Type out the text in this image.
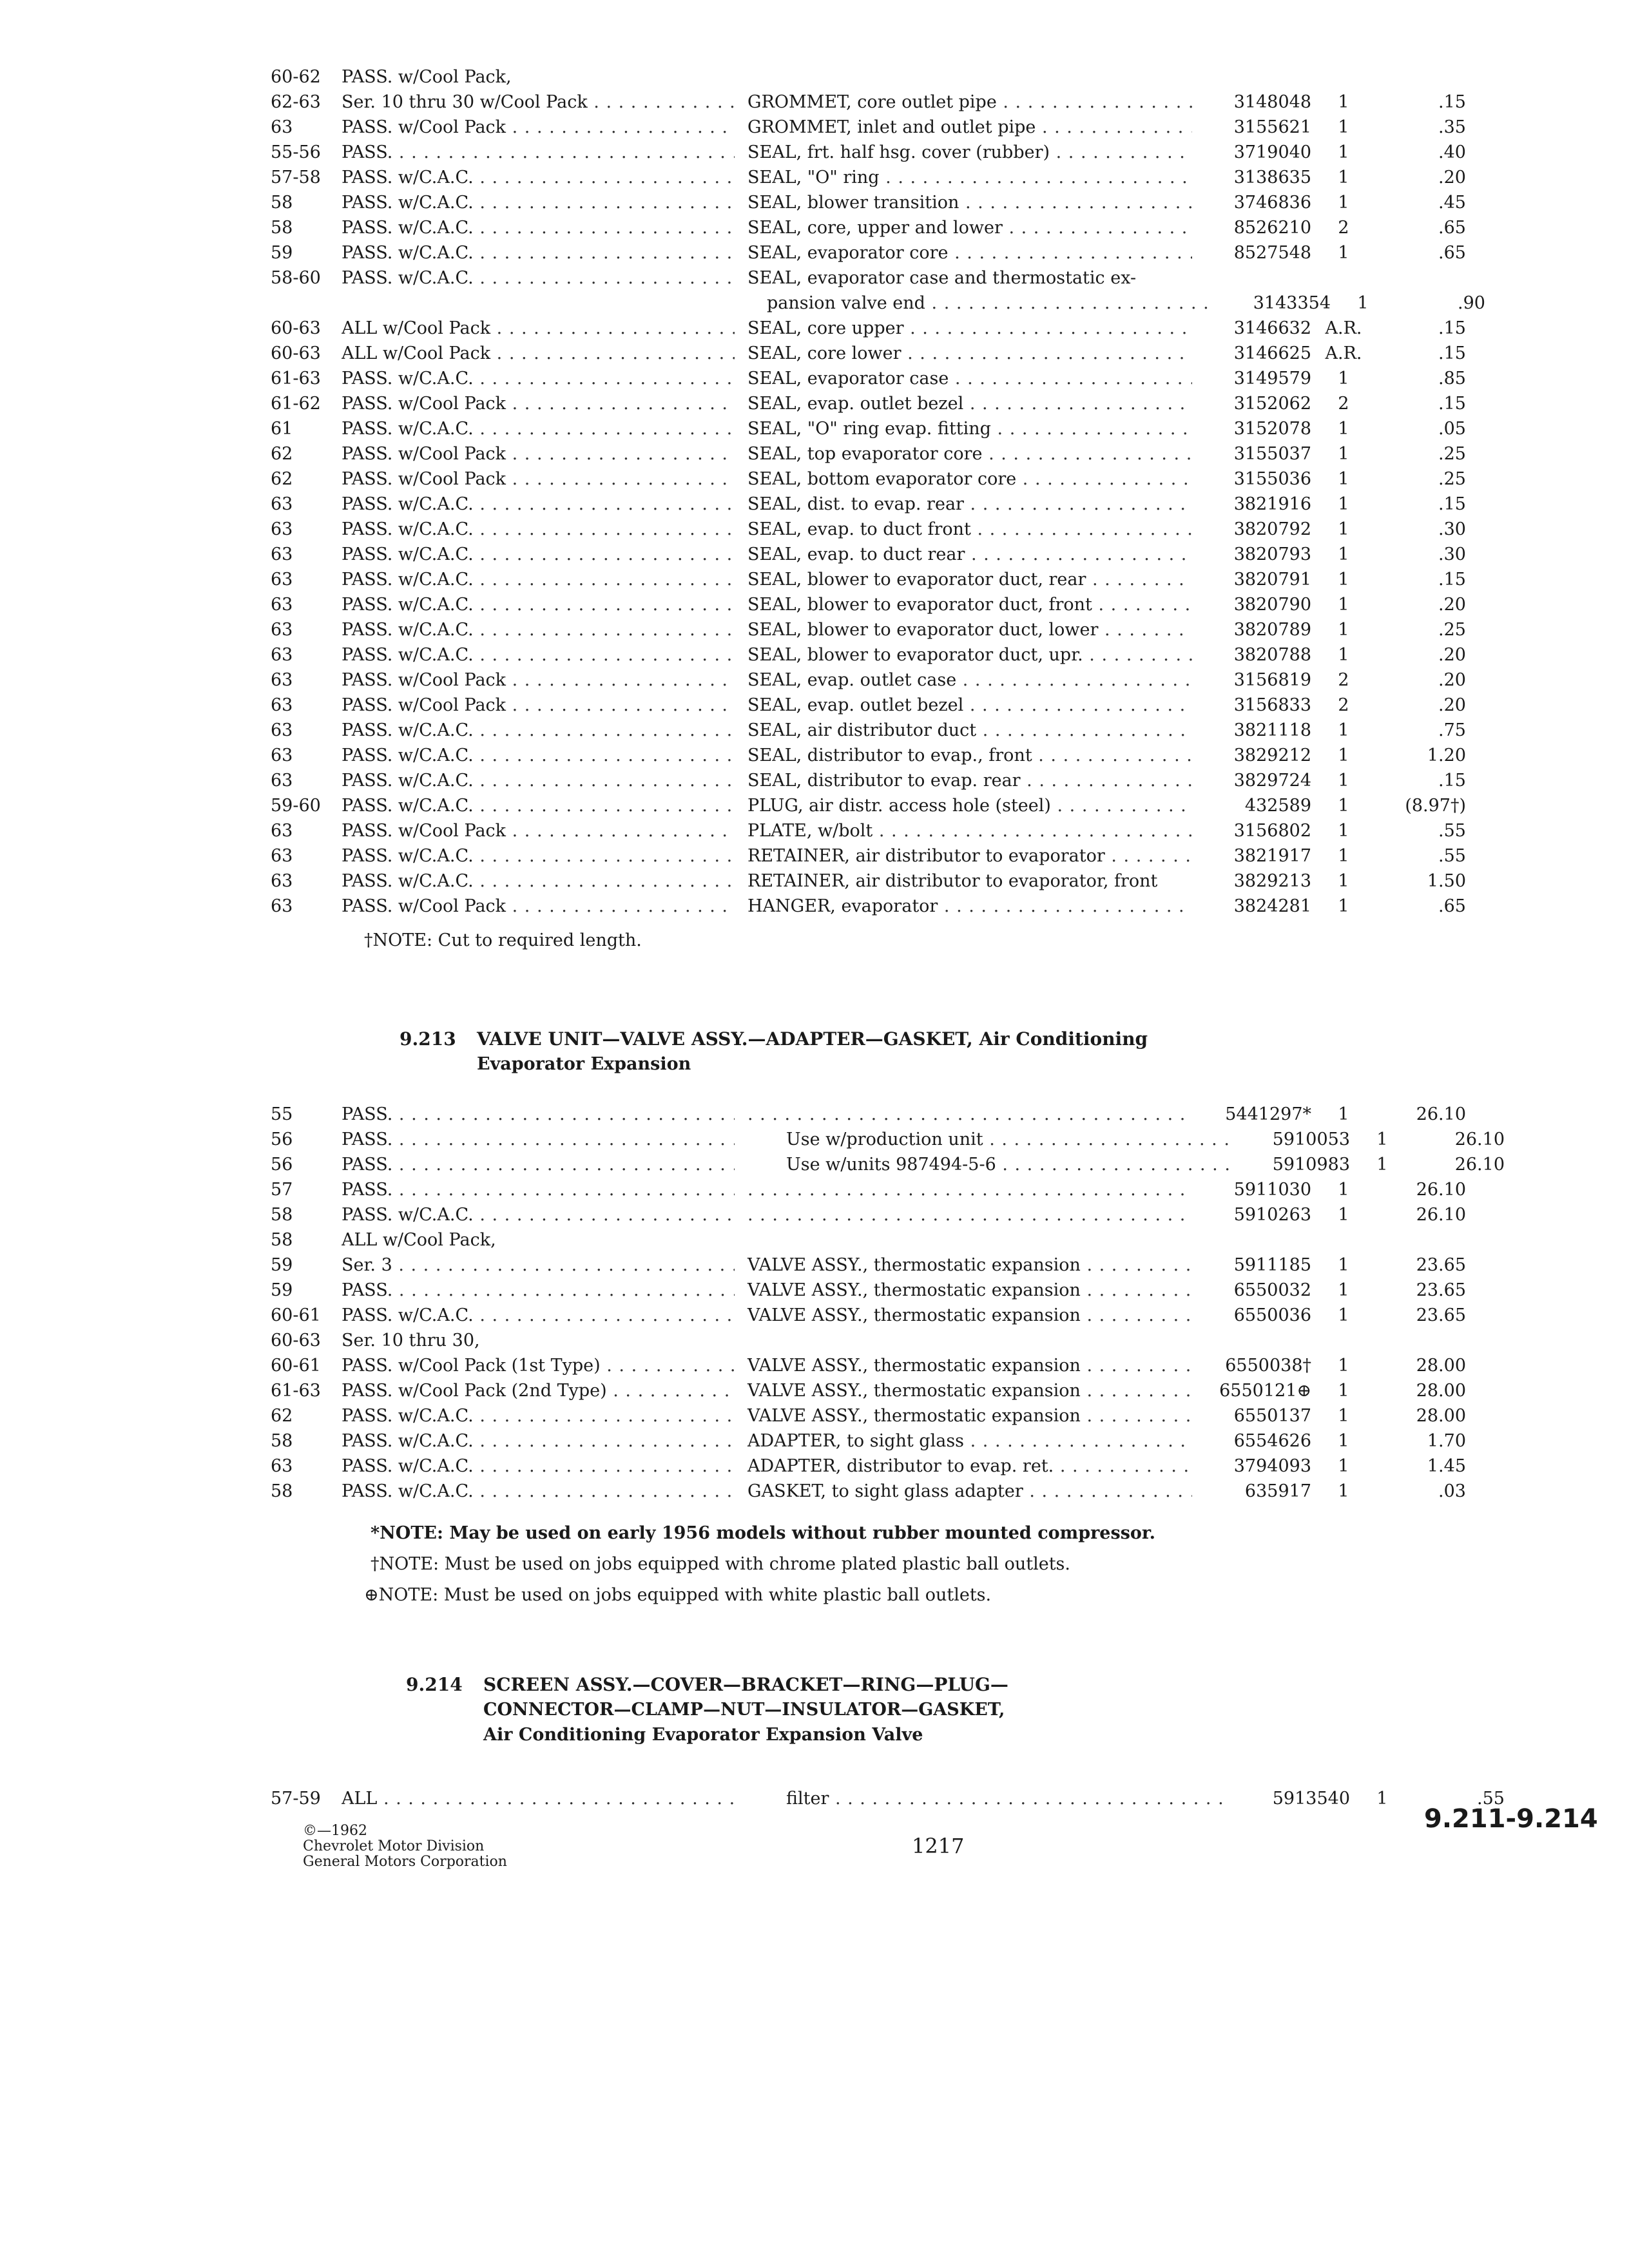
60-62	PASS. w/Cool Pack,
62-63	Ser. 10 thru 30 w/Cool Pack . . .	GROMMET, core outlet pipe . . .	3148048	1	.15
63	PASS. w/Cool Pack . . .	GROMMET, inlet and outlet pipe . . .	3155621	1	.35
55-56	PASS. . . .	SEAL, frt. half hsg. cover (rubber) . . .	3719040	1	.40
57-58	PASS. w/C.A.C. . . .	SEAL, "O" ring . . .	3138635	1	.20
58	PASS. w/C.A.C. . . .	SEAL, blower transition . . .	3746836	1	.45
58	PASS. w/C.A.C. . . .	SEAL, core, upper and lower . . .	8526210	2	.65
59	PASS. w/C.A.C. . . .	SEAL, evaporator core . . .	8527548	1	.65
58-60	PASS. w/C.A.C. . . .	SEAL, evaporator case and thermostatic ex-
pansion valve end . . .	3143354	1	.90
60-63	ALL w/Cool Pack . . .	SEAL, core upper . . .	3146632 A.R.	.15
60-63	ALL w/Cool Pack . . .	SEAL, core lower . . .	3146625 A.R.	.15
61-63	PASS. w/C.A.C. . . .	SEAL, evaporator case . . .	3149579	1	.85
61-62	PASS. w/Cool Pack . . .	SEAL, evap. outlet bezel . . .	3152062	2	.15
61	PASS. w/C.A.C. . . .	SEAL, "O" ring evap. fitting . . .	3152078	1	.05
62	PASS. w/Cool Pack . . .	SEAL, top evaporator core . . .	3155037	1	.25
62	PASS. w/Cool Pack . . .	SEAL, bottom evaporator core . . .	3155036	1	.25
63	PASS. w/C.A.C. . . .	SEAL, dist. to evap. rear . . .	3821916	1	.15
63	PASS. w/C.A.C. . . .	SEAL, evap. to duct front . . .	3820792	1	.30
63	PASS. w/C.A.C. . . .	SEAL, evap. to duct rear . . .	3820793	1	.30
63	PASS. w/C.A.C. . . .	SEAL, blower to evaporator duct, rear . . .	3820791	1	.15
63	PASS. w/C.A.C. . . .	SEAL, blower to evaporator duct, front . . .	3820790	1	.20
63	PASS. w/C.A.C. . . .	SEAL, blower to evaporator duct, lower . . .	3820789	1	.25
63	PASS. w/C.A.C. . . .	SEAL, blower to evaporator duct, upr. . . .	3820788	1	.20
63	PASS. w/Cool Pack . . .	SEAL, evap. outlet case . . .	3156819	2	.20
63	PASS. w/Cool Pack . . .	SEAL, evap. outlet bezel . . .	3156833	2	.20
63	PASS. w/C.A.C. . . .	SEAL, air distributor duct . . .	3821118	1	.75
63	PASS. w/C.A.C. . . .	SEAL, distributor to evap., front . . .	3829212	1	1.20
63	PASS. w/C.A.C. . . .	SEAL, distributor to evap. rear . . .	3829724	1	.15
59-60	PASS. w/C.A.C. . . .	PLUG, air distr. access hole (steel) . . .	432589	1	(8.97†)
63	PASS. w/Cool Pack . . .	PLATE, w/bolt . . .	3156802	1	.55
63	PASS. w/C.A.C. . . .	RETAINER, air distributor to evaporator . . .	3821917	1	.55
63	PASS. w/C.A.C. . . .	RETAINER, air distributor to evaporator, front	3829213	1	1.50
63	PASS. w/Cool Pack . . .	HANGER, evaporator . . .	3824281	1	.65
†NOTE: Cut to required length.
9.213 VALVE UNIT—VALVE ASSY.—ADAPTER—GASKET, Air Conditioning
Evaporator Expansion
55	PASS. . . . . . .	5441297*	1	26.10
56	PASS. . . .	Use w/production unit . . .	5910053	1	26.10
56	PASS. . . .	Use w/units 987494-5-6 . . .	5910983	1	26.10
57	PASS. . . . . . .	5911030	1	26.10
58	PASS. w/C.A.C. . . . . . .	5910263	1	26.10
58	ALL w/Cool Pack,
59	Ser. 3 . . .	VALVE ASSY., thermostatic expansion . . .	5911185	1	23.65
59	PASS. . . .	VALVE ASSY., thermostatic expansion . . .	6550032	1	23.65
60-61	PASS. w/C.A.C. . . .	VALVE ASSY., thermostatic expansion . . .	6550036	1	23.65
60-63	Ser. 10 thru 30,
60-61	PASS. w/Cool Pack (1st Type) . . .	VALVE ASSY., thermostatic expansion . . .	6550038†	1	28.00
61-63	PASS. w/Cool Pack (2nd Type) . . .	VALVE ASSY., thermostatic expansion . . .	6550121⊕	1	28.00
62	PASS. w/C.A.C. . . .	VALVE ASSY., thermostatic expansion . . .	6550137	1	28.00
58	PASS. w/C.A.C. . . .	ADAPTER, to sight glass . . .	6554626	1	1.70
63	PASS. w/C.A.C. . . .	ADAPTER, distributor to evap. ret. . . .	3794093	1	1.45
58	PASS. w/C.A.C. . . .	GASKET, to sight glass adapter . . .	635917	1	.03
*NOTE: May be used on early 1956 models without rubber mounted compressor.
†NOTE: Must be used on jobs equipped with chrome plated plastic ball outlets.
⊕NOTE: Must be used on jobs equipped with white plastic ball outlets.
9.214 SCREEN ASSY.—COVER—BRACKET—RING—PLUG—
CONNECTOR—CLAMP—NUT—INSULATOR—GASKET,
Air Conditioning Evaporator Expansion Valve
57-59	ALL . . .	filter . . .	5913540	1	.55
©—1962
Chevrolet Motor Division
General Motors Corporation
1217
9.211-9.214
